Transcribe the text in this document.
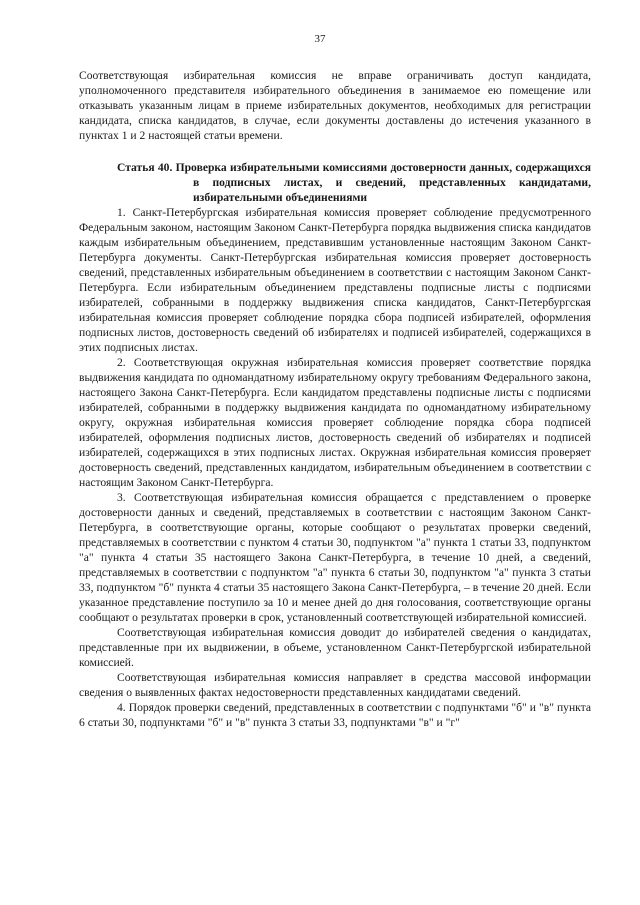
37

Соответствующая избирательная комиссия не вправе ограничивать доступ кандидата, уполномоченного представителя избирательного объединения в занимаемое ею помещение или отказывать указанным лицам в приеме избирательных документов, необходимых для регистрации кандидата, списка кандидатов, в случае, если документы доставлены до истечения указанного в пунктах 1 и 2 настоящей статьи времени.

Статья 40. Проверка избирательными комиссиями достоверности данных, содержащихся в подписных листах, и сведений, представленных кандидатами, избирательными объединениями

1. Санкт-Петербургская избирательная комиссия проверяет соблюдение предусмотренного Федеральным законом, настоящим Законом Санкт-Петербурга порядка выдвижения списка кандидатов каждым избирательным объединением, представившим установленные настоящим Законом Санкт-Петербурга документы. Санкт-Петербургская избирательная комиссия проверяет достоверность сведений, представленных избирательным объединением в соответствии с настоящим Законом Санкт-Петербурга. Если избирательным объединением представлены подписные листы с подписями избирателей, собранными в поддержку выдвижения списка кандидатов, Санкт-Петербургская избирательная комиссия проверяет соблюдение порядка сбора подписей избирателей, оформления подписных листов, достоверность сведений об избирателях и подписей избирателей, содержащихся в этих подписных листах.

2. Соответствующая окружная избирательная комиссия проверяет соответствие порядка выдвижения кандидата по одномандатному избирательному округу требованиям Федерального закона, настоящего Закона Санкт-Петербурга. Если кандидатом представлены подписные листы с подписями избирателей, собранными в поддержку выдвижения кандидата по одномандатному избирательному округу, окружная избирательная комиссия проверяет соблюдение порядка сбора подписей избирателей, оформления подписных листов, достоверность сведений об избирателях и подписей избирателей, содержащихся в этих подписных листах. Окружная избирательная комиссия проверяет достоверность сведений, представленных кандидатом, избирательным объединением в соответствии с настоящим Законом Санкт-Петербурга.

3. Соответствующая избирательная комиссия обращается с представлением о проверке достоверности данных и сведений, представляемых в соответствии с настоящим Законом Санкт-Петербурга, в соответствующие органы, которые сообщают о результатах проверки сведений, представляемых в соответствии с пунктом 4 статьи 30, подпунктом "а" пункта 1 статьи 33, подпунктом "а" пункта 4 статьи 35 настоящего Закона Санкт-Петербурга, в течение 10 дней, а сведений, представляемых в соответствии с подпунктом "а" пункта 6 статьи 30, подпунктом "а" пункта 3 статьи 33, подпунктом "б" пункта 4 статьи 35 настоящего Закона Санкт-Петербурга, – в течение 20 дней. Если указанное представление поступило за 10 и менее дней до дня голосования, соответствующие органы сообщают о результатах проверки в срок, установленный соответствующей избирательной комиссией.

Соответствующая избирательная комиссия доводит до избирателей сведения о кандидатах, представленные при их выдвижении, в объеме, установленном Санкт-Петербургской избирательной комиссией.

Соответствующая избирательная комиссия направляет в средства массовой информации сведения о выявленных фактах недостоверности представленных кандидатами сведений.

4. Порядок проверки сведений, представленных в соответствии с подпунктами "б" и "в" пункта 6 статьи 30, подпунктами "б" и "в" пункта 3 статьи 33, подпунктами "в" и "г"
